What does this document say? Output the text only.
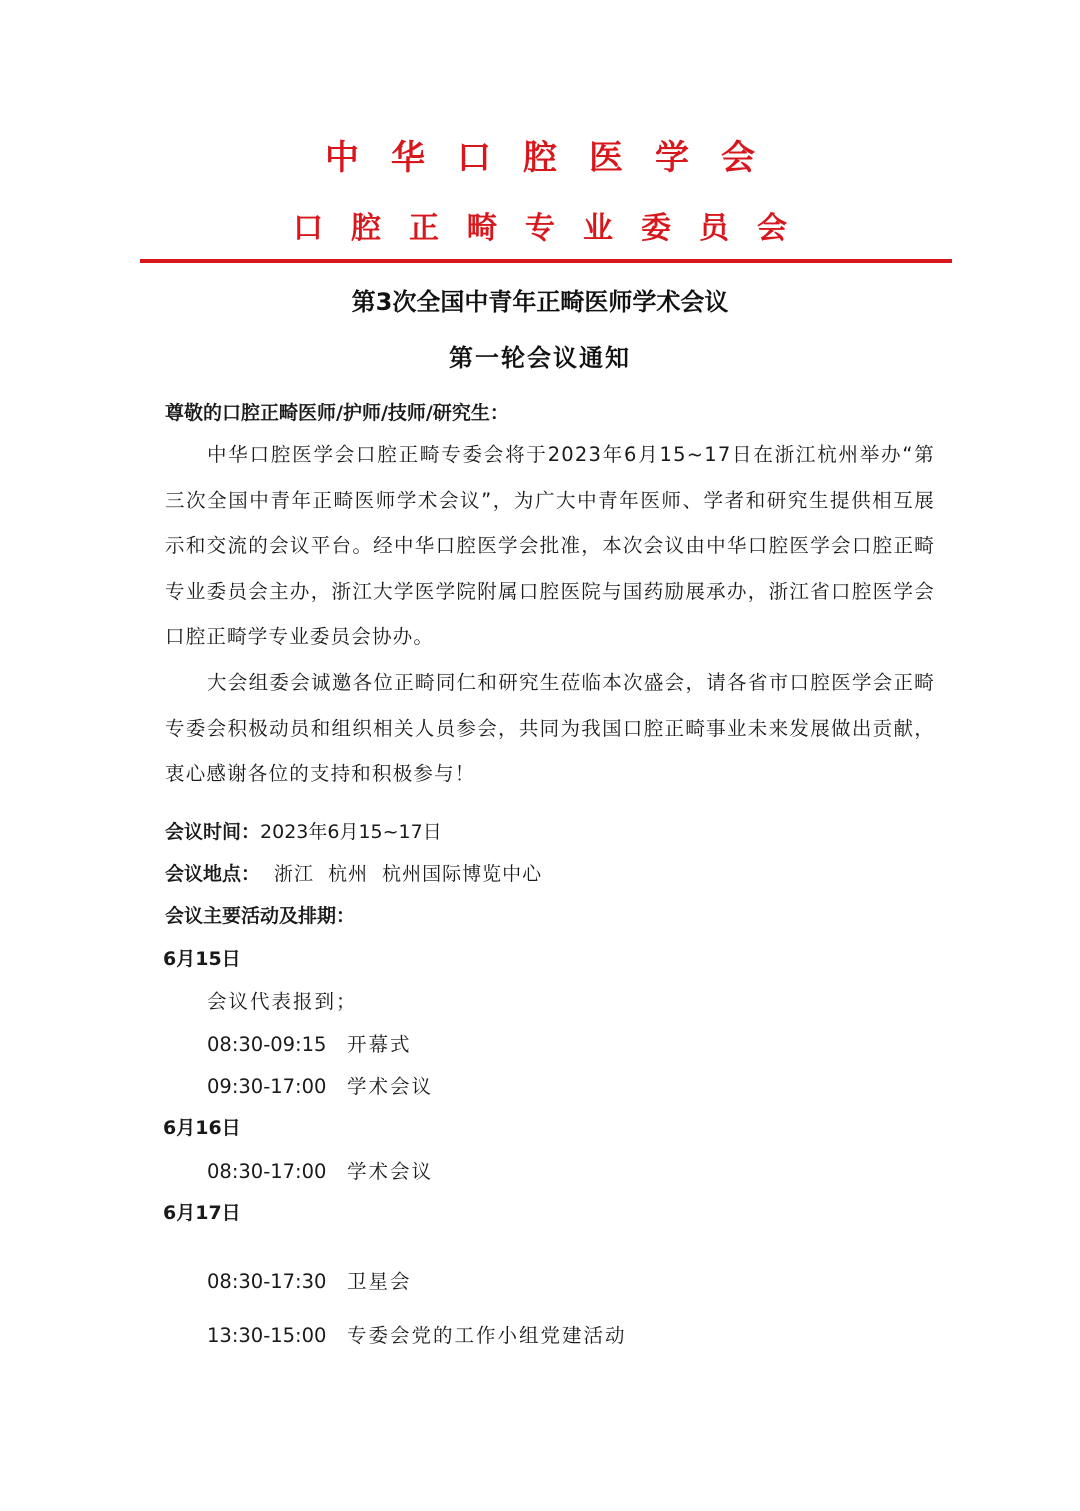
中华口腔医学会
口腔正畸专业委员会
第3次全国中青年正畸医师学术会议
第一轮会议通知
尊敬的口腔正畸医师/护师/技师/研究生：
中华口腔医学会口腔正畸专委会将于2023年6月15~17日在浙江杭州举办“第三次全国中青年正畸医师学术会议”，为广大中青年医师、学者和研究生提供相互展示和交流的会议平台。经中华口腔医学会批准，本次会议由中华口腔医学会口腔正畸专业委员会主办，浙江大学医学院附属口腔医院与国药励展承办，浙江省口腔医学会口腔正畸学专业委员会协办。
大会组委会诚邀各位正畸同仁和研究生莅临本次盛会，请各省市口腔医学会正畸专委会积极动员和组织相关人员参会，共同为我国口腔正畸事业未来发展做出贡献，衷心感谢各位的支持和积极参与！
会议时间：2023年6月15~17日
会议地点： 浙江  杭州  杭州国际博览中心
会议主要活动及排期：
6月15日
会议代表报到；
08:30-09:15 开幕式
09:30-17:00 学术会议
6月16日
08:30-17:00 学术会议
6月17日
08:30-17:30 卫星会
13:30-15:00 专委会党的工作小组党建活动
